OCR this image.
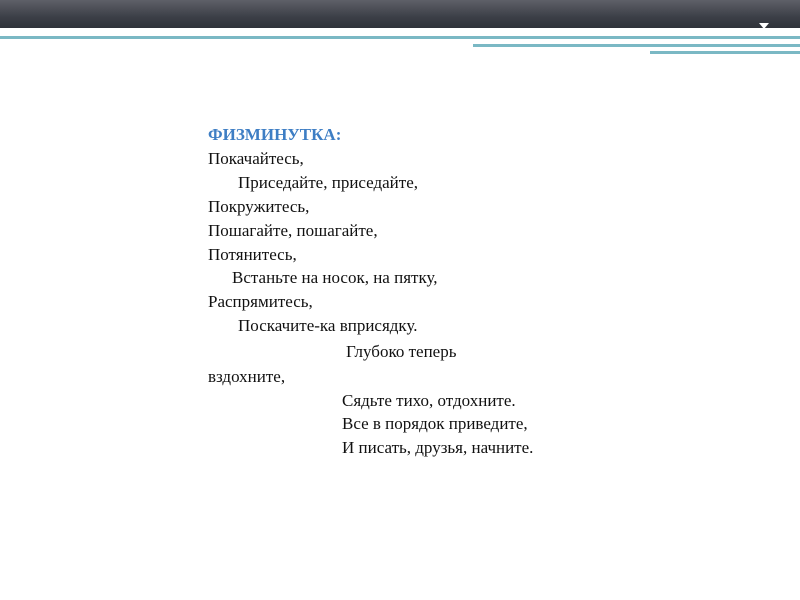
ФИЗМИНУТКА:
Покачайтесь,
Приседайте, приседайте,
Покружитесь,
Пошагайте, пошагайте,
Потянитесь,
Встаньте на носок, на пятку,
Распрямитесь,
Поскачите-ка вприсядку.
Глубоко теперь
вздохните,
Сядьте тихо, отдохните.
Все в порядок приведите,
И писать, друзья, начните.
